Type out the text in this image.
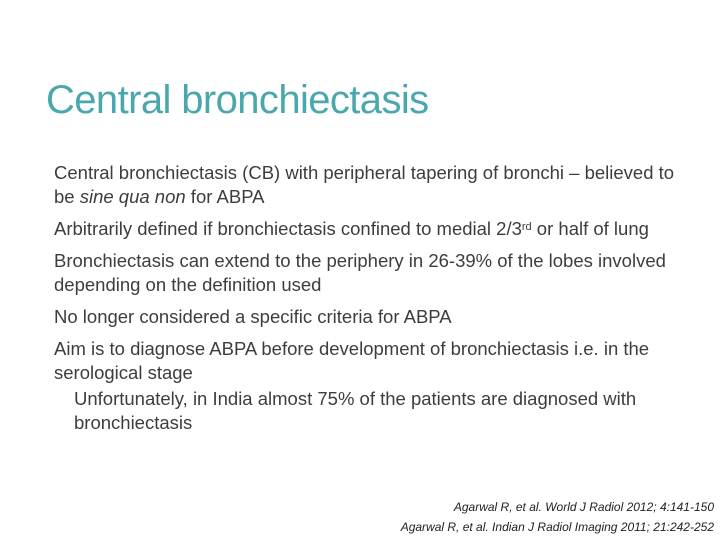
Central bronchiectasis

Central bronchiectasis (CB) with peripheral tapering of bronchi – believed to be sine qua non for ABPA

Arbitrarily defined if bronchiectasis confined to medial 2/3rd or half of lung

Bronchiectasis can extend to the periphery in 26-39% of the lobes involved depending on the definition used

No longer considered a specific criteria for ABPA

Aim is to diagnose ABPA before development of bronchiectasis i.e. in the serological stage

Unfortunately, in India almost 75% of the patients are diagnosed with bronchiectasis

Agarwal R, et al. World J Radiol 2012; 4:141-150
Agarwal R, et al. Indian J Radiol Imaging 2011; 21:242-252
